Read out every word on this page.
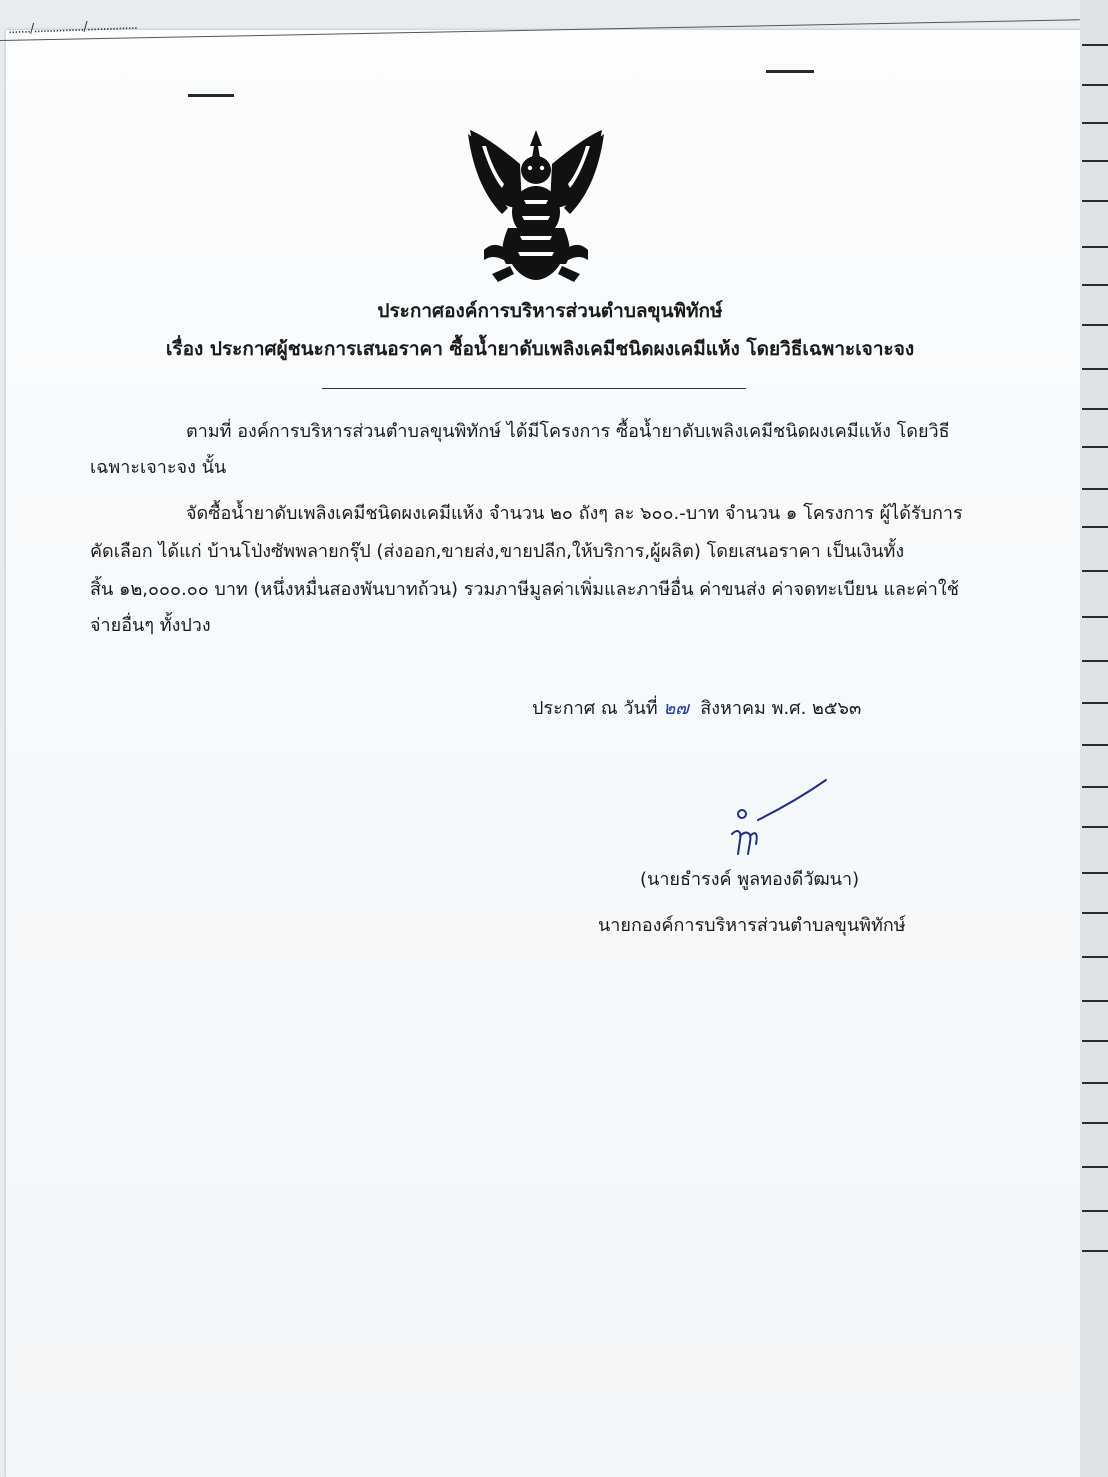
......./................/................
ประกาศองค์การบริหารส่วนตำบลขุนพิทักษ์
เรื่อง ประกาศผู้ชนะการเสนอราคา ซื้อน้ำยาดับเพลิงเคมีชนิดผงเคมีแห้ง โดยวิธีเฉพาะเจาะจง
ตามที่ องค์การบริหารส่วนตำบลขุนพิทักษ์ ได้มีโครงการ ซื้อน้ำยาดับเพลิงเคมีชนิดผงเคมีแห้ง โดยวิธี
เฉพาะเจาะจง นั้น
จัดซื้อน้ำยาดับเพลิงเคมีชนิดผงเคมีแห้ง จำนวน ๒๐ ถังๆ ละ ๖๐๐.-บาท จำนวน ๑ โครงการ ผู้ได้รับการ
คัดเลือก ได้แก่ บ้านโป่งซัพพลายกรุ๊ป (ส่งออก,ขายส่ง,ขายปลีก,ให้บริการ,ผู้ผลิต) โดยเสนอราคา เป็นเงินทั้ง
สิ้น ๑๒,๐๐๐.๐๐ บาท (หนึ่งหมื่นสองพันบาทถ้วน) รวมภาษีมูลค่าเพิ่มและภาษีอื่น ค่าขนส่ง ค่าจดทะเบียน และค่าใช้
จ่ายอื่นๆ ทั้งปวง
ประกาศ ณ วันที่ ๒๗ สิงหาคม พ.ศ. ๒๕๖๓
(นายธำรงค์ พูลทองดีวัฒนา)
นายกองค์การบริหารส่วนตำบลขุนพิทักษ์
